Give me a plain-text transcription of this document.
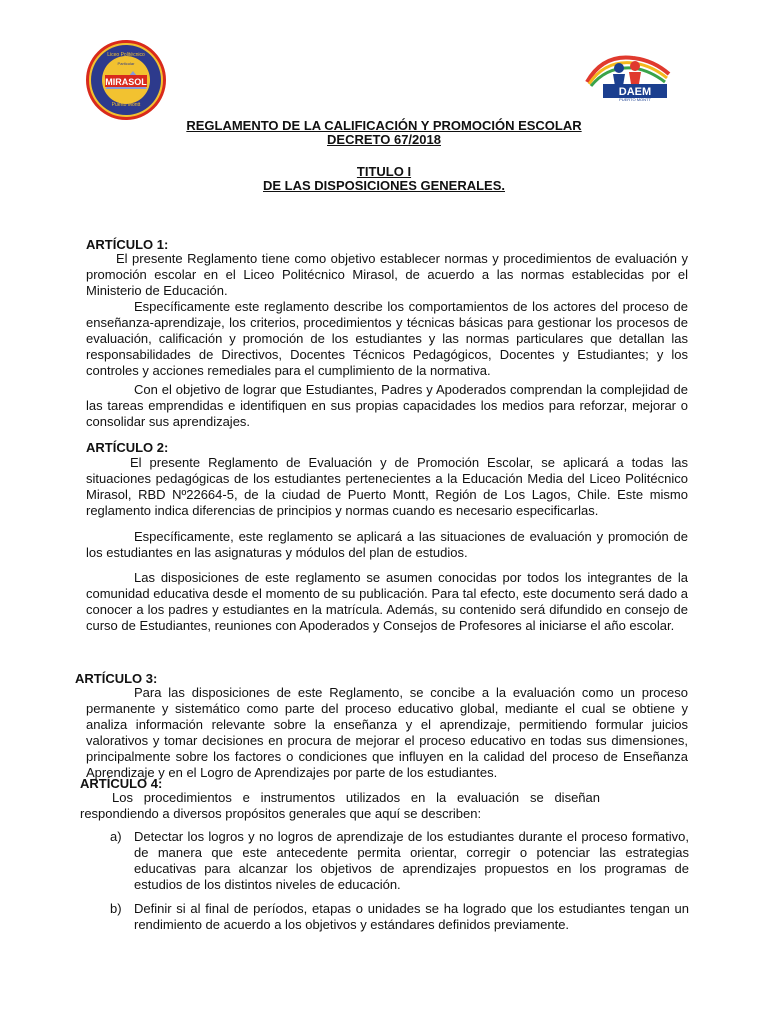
MIRASOL
Liceo Politécnico
Particular
Puerto Montt
DAEM
PUERTO MONTT
REGLAMENTO DE LA CALIFICACIÓN Y PROMOCIÓN ESCOLAR
DECRETO 67/2018
TITULO I
DE LAS DISPOSICIONES GENERALES.
ARTÍCULO 1:
El presente Reglamento tiene como objetivo establecer normas y procedimientos de evaluación y promoción escolar en el Liceo Politécnico Mirasol, de acuerdo a las normas establecidas por el Ministerio de Educación.
Específicamente este reglamento describe los comportamientos de los actores del proceso de enseñanza-aprendizaje, los criterios, procedimientos y técnicas básicas para gestionar los procesos de evaluación, calificación y promoción de los estudiantes y las normas particulares que detallan las responsabilidades de Directivos, Docentes Técnicos Pedagógicos, Docentes y Estudiantes; y los controles y acciones remediales para el cumplimiento de la normativa.
Con el objetivo de lograr que Estudiantes, Padres y Apoderados comprendan la complejidad de las tareas emprendidas e identifiquen en sus propias capacidades los medios para reforzar, mejorar o consolidar sus aprendizajes.
ARTÍCULO 2:
El presente Reglamento de Evaluación y de Promoción Escolar, se aplicará a todas las situaciones pedagógicas de los estudiantes pertenecientes a la Educación Media del Liceo Politécnico Mirasol, RBD Nº22664-5, de la ciudad de Puerto Montt, Región de Los Lagos, Chile. Este mismo reglamento indica diferencias de principios y normas cuando es necesario especificarlas.
Específicamente, este reglamento se aplicará a las situaciones de evaluación y promoción de los estudiantes en las asignaturas y módulos del plan de estudios.
Las disposiciones de este reglamento se asumen conocidas por todos los integrantes de la comunidad educativa desde el momento de su publicación. Para tal efecto, este documento será dado a conocer a los padres y estudiantes en la matrícula. Además, su contenido será difundido en consejo de curso de Estudiantes, reuniones con Apoderados y Consejos de Profesores al iniciarse el año escolar.
ARTÍCULO 3:
Para las disposiciones de este Reglamento, se concibe a la evaluación como un proceso permanente y sistemático como parte del proceso educativo global, mediante el cual se obtiene y analiza información relevante sobre la enseñanza y el aprendizaje, permitiendo formular juicios valorativos y tomar decisiones en procura de mejorar el proceso educativo en todas sus dimensiones, principalmente sobre los factores o condiciones que influyen en la calidad del proceso de Enseñanza Aprendizaje y en el Logro de Aprendizajes por parte de los estudiantes.
ARTÍCULO 4:
Los procedimientos e instrumentos utilizados en la evaluación se diseñan respondiendo a diversos propósitos generales que aquí se describen:
a) Detectar los logros y no logros de aprendizaje de los estudiantes durante el proceso formativo, de manera que este antecedente permita orientar, corregir o potenciar las estrategias educativas para alcanzar los objetivos de aprendizajes propuestos en los programas de estudios de los distintos niveles de educación.
b) Definir si al final de períodos, etapas o unidades se ha logrado que los estudiantes tengan un rendimiento de acuerdo a los objetivos y estándares definidos previamente.
